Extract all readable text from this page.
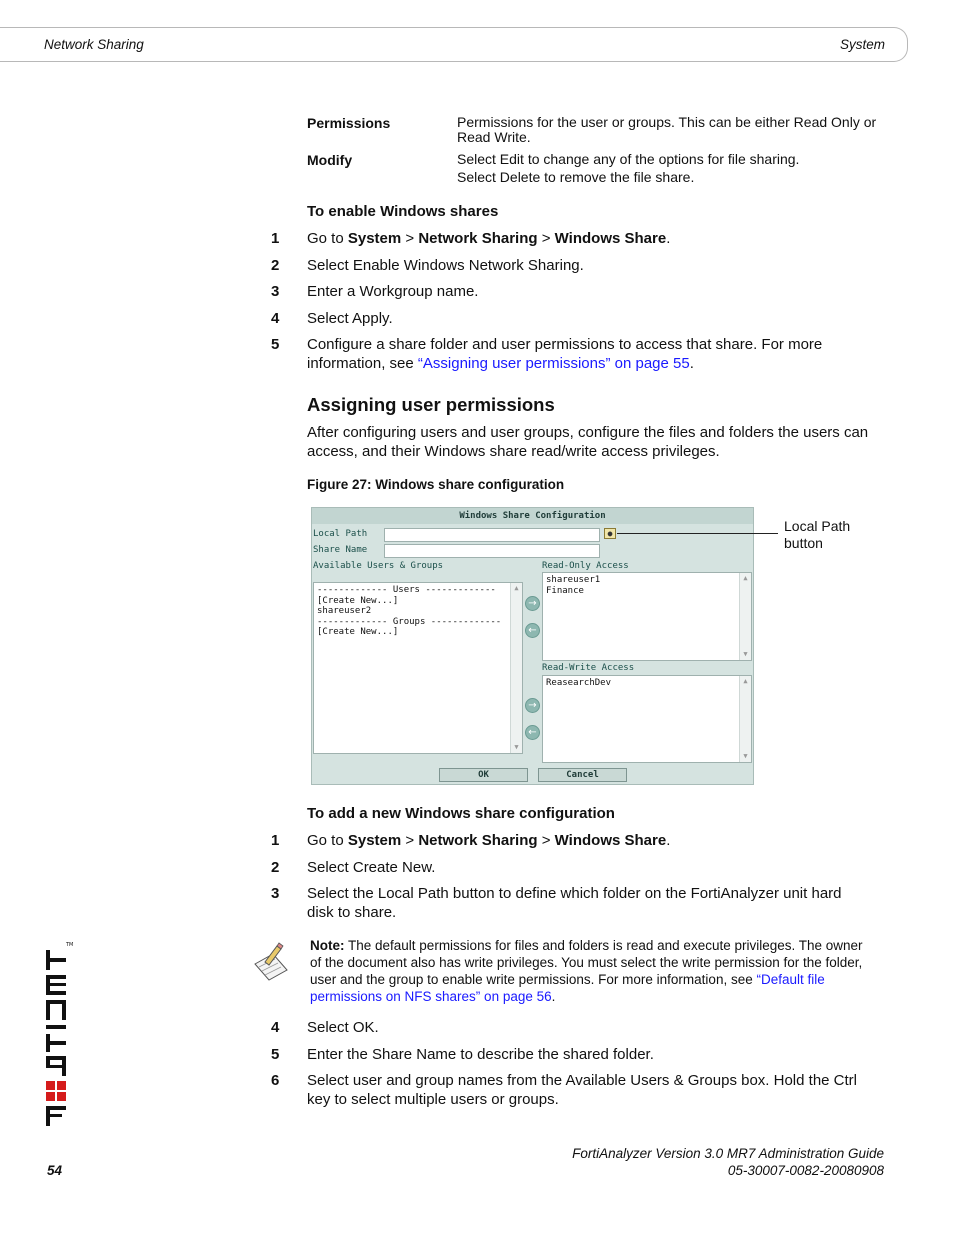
Network Sharing	System
Permissions	Permissions for the user or groups. This can be either Read Only or Read Write.
Modify	Select Edit to change any of the options for file sharing.
Select Delete to remove the file share.
To enable Windows shares
1 Go to System > Network Sharing > Windows Share.
2 Select Enable Windows Network Sharing.
3 Enter a Workgroup name.
4 Select Apply.
5 Configure a share folder and user permissions to access that share. For more information, see “Assigning user permissions” on page 55.
Assigning user permissions
After configuring users and user groups, configure the files and folders the users can access, and their Windows share read/write access privileges.
Figure 27: Windows share configuration
Windows Share Configuration
Local Path	●
Share Name
Available Users & Groups	Read-Only Access
------------- Users -------------
[Create New...]
shareuser2
------------- Groups -------------
[Create New...]
▲
▼
shareuser1
Finance
▲
▼
→
←
Read-Write Access
ReasearchDev	▲
▼
→
←
OK	Cancel
Local Path
button
To add a new Windows share configuration
1 Go to System > Network Sharing > Windows Share.
2 Select Create New.
3 Select the Local Path button to define which folder on the FortiAnalyzer unit hard disk to share.
Note: The default permissions for files and folders is read and execute privileges. The owner of the document also has write privileges. You must select the write permission for the folder, user and the group to enable write permissions. For more information, see “Default file permissions on NFS shares” on page 56.
4 Select OK.
5 Enter the Share Name to describe the shared folder.
6 Select user and group names from the Available Users & Groups box. Hold the Ctrl key to select multiple users or groups.
TM
FortiAnalyzer Version 3.0 MR7 Administration Guide
05-30007-0082-20080908
54
